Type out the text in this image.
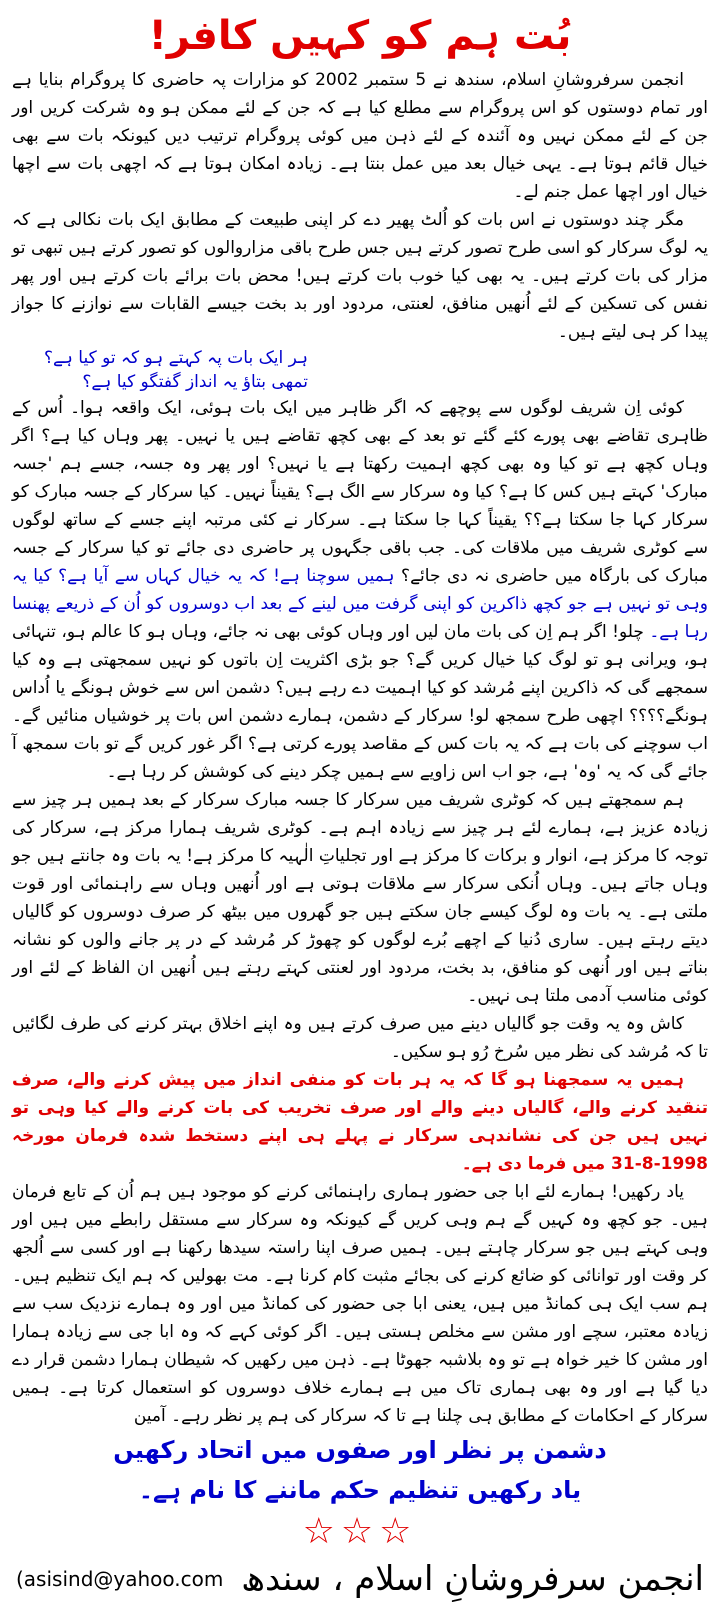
بُت ہم کو کہیں کافر!

انجمن سرفروشانِ اسلام، سندھ نے 5 ستمبر 2002 کو مزارات پہ حاضری کا پروگرام بنایا ہے اور تمام دوستوں کو اس پروگرام سے مطلع کیا ہے کہ جن کے لئے ممکن ہو وہ شرکت کریں اور جن کے لئے ممکن نہیں وہ آئندہ کے لئے ذہن میں کوئی پروگرام ترتیب دیں کیونکہ بات سے بھی خیال قائم ہوتا ہے۔ یہی خیال بعد میں عمل بنتا ہے۔ زیادہ امکان ہوتا ہے کہ اچھی بات سے اچھا خیال اور اچھا عمل جنم لے۔

مگر چند دوستوں نے اس بات کو اُلٹ پھیر دے کر اپنی طبیعت کے مطابق ایک بات نکالی ہے کہ یہ لوگ سرکار کو اسی طرح تصور کرتے ہیں جس طرح باقی مزاروالوں کو تصور کرتے ہیں تبھی تو مزار کی بات کرتے ہیں۔ یہ بھی کیا خوب بات کرتے ہیں! محض بات برائے بات کرتے ہیں اور پھر نفس کی تسکین کے لئے اُنھیں منافق، لعنتی، مردود اور بد بخت جیسے القابات سے نوازنے کا جواز پیدا کر ہی لیتے ہیں۔

ہر ایک بات پہ کہتے ہو کہ تو کیا ہے؟

تمھی بتاؤ یہ انداز گفتگو کیا ہے؟

کوئی اِن شریف لوگوں سے پوچھے کہ اگر ظاہر میں ایک بات ہوئی، ایک واقعہ ہوا۔ اُس کے ظاہری تقاضے بھی پورے کئے گئے تو بعد کے بھی کچھ تقاضے ہیں یا نہیں۔ پھر وہاں کیا ہے؟ اگر وہاں کچھ ہے تو کیا وہ بھی کچھ اہمیت رکھتا ہے یا نہیں؟ اور پھر وہ جسہ، جسے ہم 'جسہ مبارک' کہتے ہیں کس کا ہے؟ کیا وہ سرکار سے الگ ہے؟ یقیناً نہیں۔ کیا سرکار کے جسہ مبارک کو سرکار کہا جا سکتا ہے؟؟ یقیناً کہا جا سکتا ہے۔ سرکار نے کئی مرتبہ اپنے جسے کے ساتھ لوگوں سے کوٹری شریف میں ملاقات کی۔ جب باقی جگہوں پر حاضری دی جائے تو کیا سرکار کے جسہ مبارک کی بارگاہ میں حاضری نہ دی جائے؟ ہمیں سوچنا ہے! کہ یہ خیال کہاں سے آیا ہے؟ کیا یہ وہی تو نہیں ہے جو کچھ ذاکرین کو اپنی گرفت میں لینے کے بعد اب دوسروں کو اُن کے ذریعے پھنسا رہا ہے۔ چلو! اگر ہم اِن کی بات مان لیں اور وہاں کوئی بھی نہ جائے، وہاں ہو کا عالم ہو، تنہائی ہو، ویرانی ہو تو لوگ کیا خیال کریں گے؟ جو بڑی اکثریت اِن باتوں کو نہیں سمجھتی ہے وہ کیا سمجھے گی کہ ذاکرین اپنے مُرشد کو کیا اہمیت دے رہے ہیں؟ دشمن اس سے خوش ہونگے یا اُداس ہونگے؟؟؟؟ اچھی طرح سمجھ لو! سرکار کے دشمن، ہمارے دشمن اس بات پر خوشیاں منائیں گے۔ اب سوچنے کی بات ہے کہ یہ بات کس کے مقاصد پورے کرتی ہے؟ اگر غور کریں گے تو بات سمجھ آ جائے گی کہ یہ 'وہ' ہے، جو اب اس زاویے سے ہمیں چکر دینے کی کوشش کر رہا ہے۔

ہم سمجھتے ہیں کہ کوٹری شریف میں سرکار کا جسہ مبارک سرکار کے بعد ہمیں ہر چیز سے زیادہ عزیز ہے، ہمارے لئے ہر چیز سے زیادہ اہم ہے۔ کوٹری شریف ہمارا مرکز ہے، سرکار کی توجہ کا مرکز ہے، انوار و برکات کا مرکز ہے اور تجلیاتِ الٰہیہ کا مرکز ہے! یہ بات وہ جانتے ہیں جو وہاں جاتے ہیں۔ وہاں اُنکی سرکار سے ملاقات ہوتی ہے اور اُنھیں وہاں سے راہنمائی اور قوت ملتی ہے۔ یہ بات وہ لوگ کیسے جان سکتے ہیں جو گھروں میں بیٹھ کر صرف دوسروں کو گالیاں دیتے رہتے ہیں۔ ساری دُنیا کے اچھے بُرے لوگوں کو چھوڑ کر مُرشد کے در پر جانے والوں کو نشانہ بناتے ہیں اور اُنھی کو منافق، بد بخت، مردود اور لعنتی کہتے رہتے ہیں اُنھیں ان الفاظ کے لئے اور کوئی مناسب آدمی ملتا ہی نہیں۔

کاش وہ یہ وقت جو گالیاں دینے میں صرف کرتے ہیں وہ اپنے اخلاق بہتر کرنے کی طرف لگائیں تا کہ مُرشد کی نظر میں سُرخ رُو ہو سکیں۔

ہمیں یہ سمجھنا ہو گا کہ یہ ہر بات کو منفی انداز میں پیش کرنے والے، صرف تنقید کرنے والے، گالیاں دینے والے اور صرف تخریب کی بات کرنے والے کیا وہی تو نہیں ہیں جن کی نشاندہی سرکار نے پہلے ہی اپنے دستخط شدہ فرمان مورخہ 1998-8-31 میں فرما دی ہے۔

یاد رکھیں! ہمارے لئے ابا جی حضور ہماری راہنمائی کرنے کو موجود ہیں ہم اُن کے تابع فرمان ہیں۔ جو کچھ وہ کہیں گے ہم وہی کریں گے کیونکہ وہ سرکار سے مستقل رابطے میں ہیں اور وہی کہتے ہیں جو سرکار چاہتے ہیں۔ ہمیں صرف اپنا راستہ سیدھا رکھنا ہے اور کسی سے اُلجھ کر وقت اور توانائی کو ضائع کرنے کی بجائے مثبت کام کرنا ہے۔ مت بھولیں کہ ہم ایک تنظیم ہیں۔ ہم سب ایک ہی کمانڈ میں ہیں، یعنی ابا جی حضور کی کمانڈ میں اور وہ ہمارے نزدیک سب سے زیادہ معتبر، سچے اور مشن سے مخلص ہستی ہیں۔ اگر کوئی کہے کہ وہ ابا جی سے زیادہ ہمارا اور مشن کا خیر خواہ ہے تو وہ بلاشبہ جھوٹا ہے۔ ذہن میں رکھیں کہ شیطان ہمارا دشمن قرار دے دیا گیا ہے اور وہ بھی ہماری تاک میں ہے ہمارے خلاف دوسروں کو استعمال کرتا ہے۔ ہمیں سرکار کے احکامات کے مطابق ہی چلنا ہے تا کہ سرکار کی ہم پر نظر رہے۔ آمین

دشمن پر نظر اور صفوں میں اتحاد رکھیں

یاد رکھیں تنظیم حکم ماننے کا نام ہے۔

☆☆☆

(asisind@yahoo.com انجمن سرفروشانِ اسلام ، سندھ
